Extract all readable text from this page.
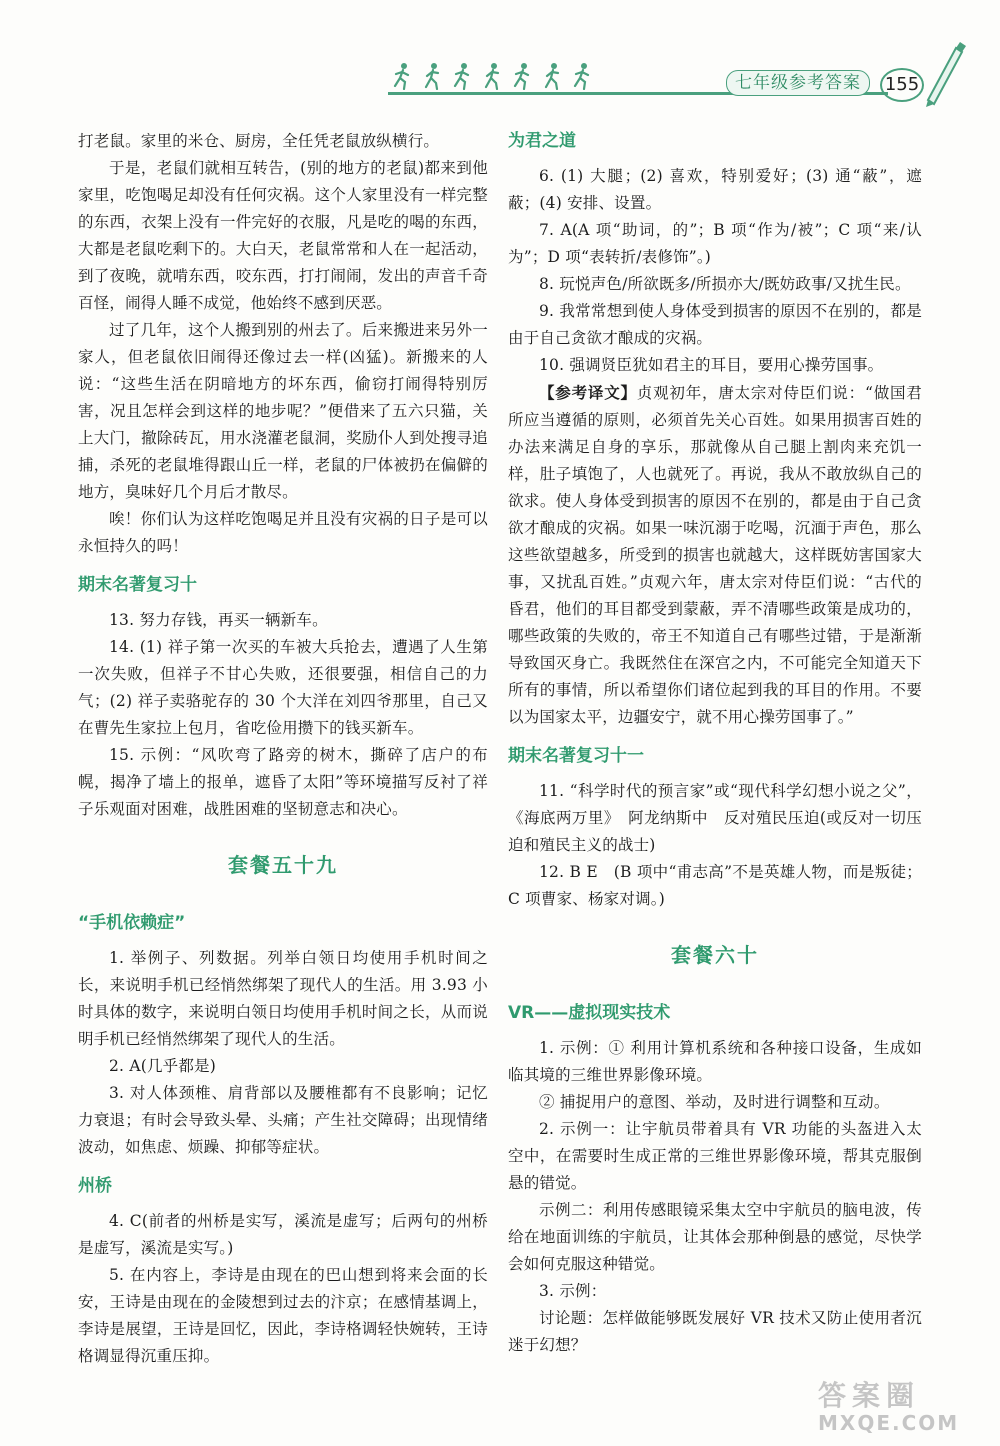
七年级参考答案	155

打老鼠。家里的米仓、厨房，全任凭老鼠放纵横行。

于是，老鼠们就相互转告，(别的地方的老鼠)都来到他家里，吃饱喝足却没有任何灾祸。这个人家里没有一样完整的东西，衣架上没有一件完好的衣服，凡是吃的喝的东西，大都是老鼠吃剩下的。大白天，老鼠常常和人在一起活动，到了夜晚，就啃东西，咬东西，打打闹闹，发出的声音千奇百怪，闹得人睡不成觉，他始终不感到厌恶。

过了几年，这个人搬到别的州去了。后来搬进来另外一家人，但老鼠依旧闹得还像过去一样(凶猛)。新搬来的人说：“这些生活在阴暗地方的坏东西，偷窃打闹得特别厉害，况且怎样会到这样的地步呢？”便借来了五六只猫，关上大门，撤除砖瓦，用水浇灌老鼠洞，奖励仆人到处搜寻追捕，杀死的老鼠堆得跟山丘一样，老鼠的尸体被扔在偏僻的地方，臭味好几个月后才散尽。

唉！你们认为这样吃饱喝足并且没有灾祸的日子是可以永恒持久的吗！

期末名著复习十

13. 努力存钱，再买一辆新车。

14. (1) 祥子第一次买的车被大兵抢去，遭遇了人生第一次失败，但祥子不甘心失败，还很要强，相信自己的力气；(2) 祥子卖骆驼存的 30 个大洋在刘四爷那里，自己又在曹先生家拉上包月，省吃俭用攒下的钱买新车。

15. 示例：“风吹弯了路旁的树木，撕碎了店户的布幌，揭净了墙上的报单，遮昏了太阳”等环境描写反衬了祥子乐观面对困难，战胜困难的坚韧意志和决心。

套餐五十九
“手机依赖症”

1. 举例子、列数据。列举白领日均使用手机时间之长，来说明手机已经悄然绑架了现代人的生活。用 3.93 小时具体的数字，来说明白领日均使用手机时间之长，从而说明手机已经悄然绑架了现代人的生活。

2. A(几乎都是)

3. 对人体颈椎、肩背部以及腰椎都有不良影响；记忆力衰退；有时会导致头晕、头痛；产生社交障碍；出现情绪波动，如焦虑、烦躁、抑郁等症状。

州桥

4. C(前者的州桥是实写，溪流是虚写；后两句的州桥是虚写，溪流是实写。)

5. 在内容上，李诗是由现在的巴山想到将来会面的长安，王诗是由现在的金陵想到过去的汴京；在感情基调上，李诗是展望，王诗是回忆，因此，李诗格调轻快婉转，王诗格调显得沉重压抑。

为君之道

6. (1) 大腿；(2) 喜欢，特别爱好；(3) 通“蔽”，遮蔽；(4) 安排、设置。

7. A(A 项“助词，的”；B 项“作为/被”；C 项“来/认为”；D 项“表转折/表修饰”。)

8. 玩悦声色/所欲既多/所损亦大/既妨政事/又扰生民。

9. 我常常想到使人身体受到损害的原因不在别的，都是由于自己贪欲才酿成的灾祸。

10. 强调贤臣犹如君主的耳目，要用心操劳国事。

【参考译文】贞观初年，唐太宗对侍臣们说：“做国君所应当遵循的原则，必须首先关心百姓。如果用损害百姓的办法来满足自身的享乐，那就像从自己腿上割肉来充饥一样，肚子填饱了，人也就死了。再说，我从不敢放纵自己的欲求。使人身体受到损害的原因不在别的，都是由于自己贪欲才酿成的灾祸。如果一味沉溺于吃喝，沉湎于声色，那么这些欲望越多，所受到的损害也就越大，这样既妨害国家大事，又扰乱百姓。”贞观六年，唐太宗对侍臣们说：“古代的昏君，他们的耳目都受到蒙蔽，弄不清哪些政策是成功的，哪些政策的失败的，帝王不知道自己有哪些过错，于是渐渐导致国灭身亡。我既然住在深宫之内，不可能完全知道天下所有的事情，所以希望你们诸位起到我的耳目的作用。不要以为国家太平，边疆安宁，就不用心操劳国事了。”

期末名著复习十一

11. “科学时代的预言家”或“现代科学幻想小说之父”，《海底两万里》　阿龙纳斯中　反对殖民压迫(或反对一切压迫和殖民主义的战士)

12. B E　(B 项中“甫志高”不是英雄人物，而是叛徒；C 项曹家、杨家对调。)

套餐六十
VR——虚拟现实技术

1. 示例：① 利用计算机系统和各种接口设备，生成如临其境的三维世界影像环境。

② 捕捉用户的意图、举动，及时进行调整和互动。

2. 示例一：让宇航员带着具有 VR 功能的头盔进入太空中，在需要时生成正常的三维世界影像环境，帮其克服倒悬的错觉。

示例二：利用传感眼镜采集太空中宇航员的脑电波，传给在地面训练的宇航员，让其体会那种倒悬的感觉，尽快学会如何克服这种错觉。

3. 示例：

讨论题：怎样做能够既发展好 VR 技术又防止使用者沉迷于幻想？

答案圈
MXQE.COM
